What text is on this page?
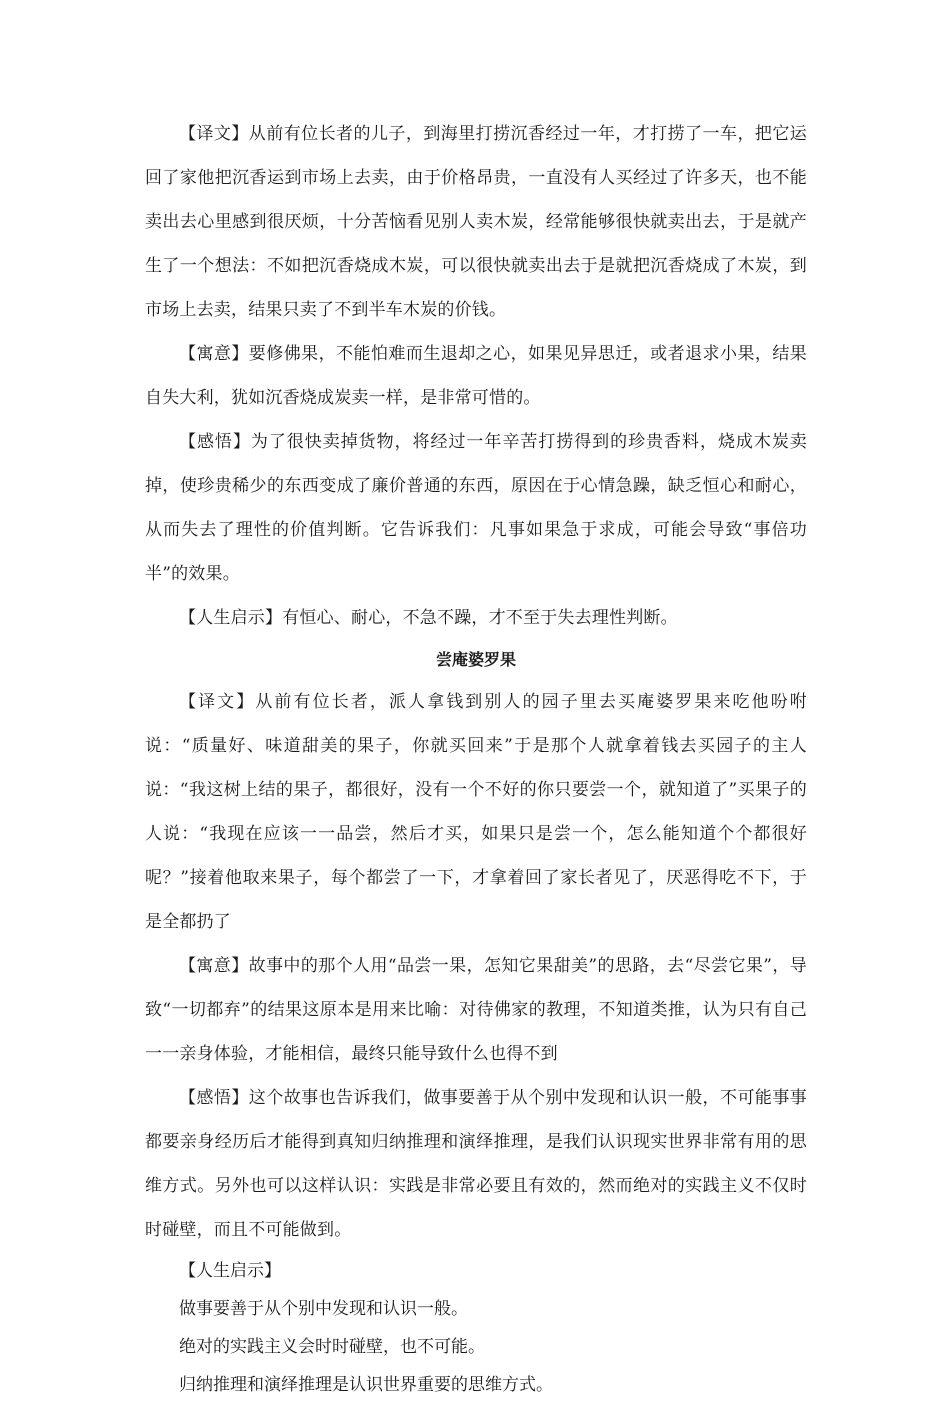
【译文】从前有位长者的儿子，到海里打捞沉香经过一年，才打捞了一车，把它运回了家他把沉香运到市场上去卖，由于价格昂贵，一直没有人买经过了许多天，也不能卖出去心里感到很厌烦，十分苦恼看见别人卖木炭，经常能够很快就卖出去，于是就产生了一个想法：不如把沉香烧成木炭，可以很快就卖出去于是就把沉香烧成了木炭，到市场上去卖，结果只卖了不到半车木炭的价钱。

【寓意】要修佛果，不能怕难而生退却之心，如果见异思迁，或者退求小果，结果自失大利，犹如沉香烧成炭卖一样，是非常可惜的。

【感悟】为了很快卖掉货物，将经过一年辛苦打捞得到的珍贵香料，烧成木炭卖掉，使珍贵稀少的东西变成了廉价普通的东西，原因在于心情急躁，缺乏恒心和耐心，从而失去了理性的价值判断。它告诉我们：凡事如果急于求成，可能会导致“事倍功半”的效果。

【人生启示】有恒心、耐心，不急不躁，才不至于失去理性判断。

尝庵婆罗果

【译文】从前有位长者，派人拿钱到别人的园子里去买庵婆罗果来吃他吩咐说：“质量好、味道甜美的果子，你就买回来”于是那个人就拿着钱去买园子的主人说：“我这树上结的果子，都很好，没有一个不好的你只要尝一个，就知道了”买果子的人说：“我现在应该一一品尝，然后才买，如果只是尝一个，怎么能知道个个都很好呢？”接着他取来果子，每个都尝了一下，才拿着回了家长者见了，厌恶得吃不下，于是全都扔了

【寓意】故事中的那个人用“品尝一果，怎知它果甜美”的思路，去“尽尝它果”，导致“一切都弃”的结果这原本是用来比喻：对待佛家的教理，不知道类推，认为只有自己一一亲身体验，才能相信，最终只能导致什么也得不到

【感悟】这个故事也告诉我们，做事要善于从个别中发现和认识一般，不可能事事都要亲身经历后才能得到真知归纳推理和演绎推理，是我们认识现实世界非常有用的思维方式。另外也可以这样认识：实践是非常必要且有效的，然而绝对的实践主义不仅时时碰壁，而且不可能做到。

【人生启示】

做事要善于从个别中发现和认识一般。

绝对的实践主义会时时碰壁，也不可能。

归纳推理和演绎推理是认识世界重要的思维方式。
